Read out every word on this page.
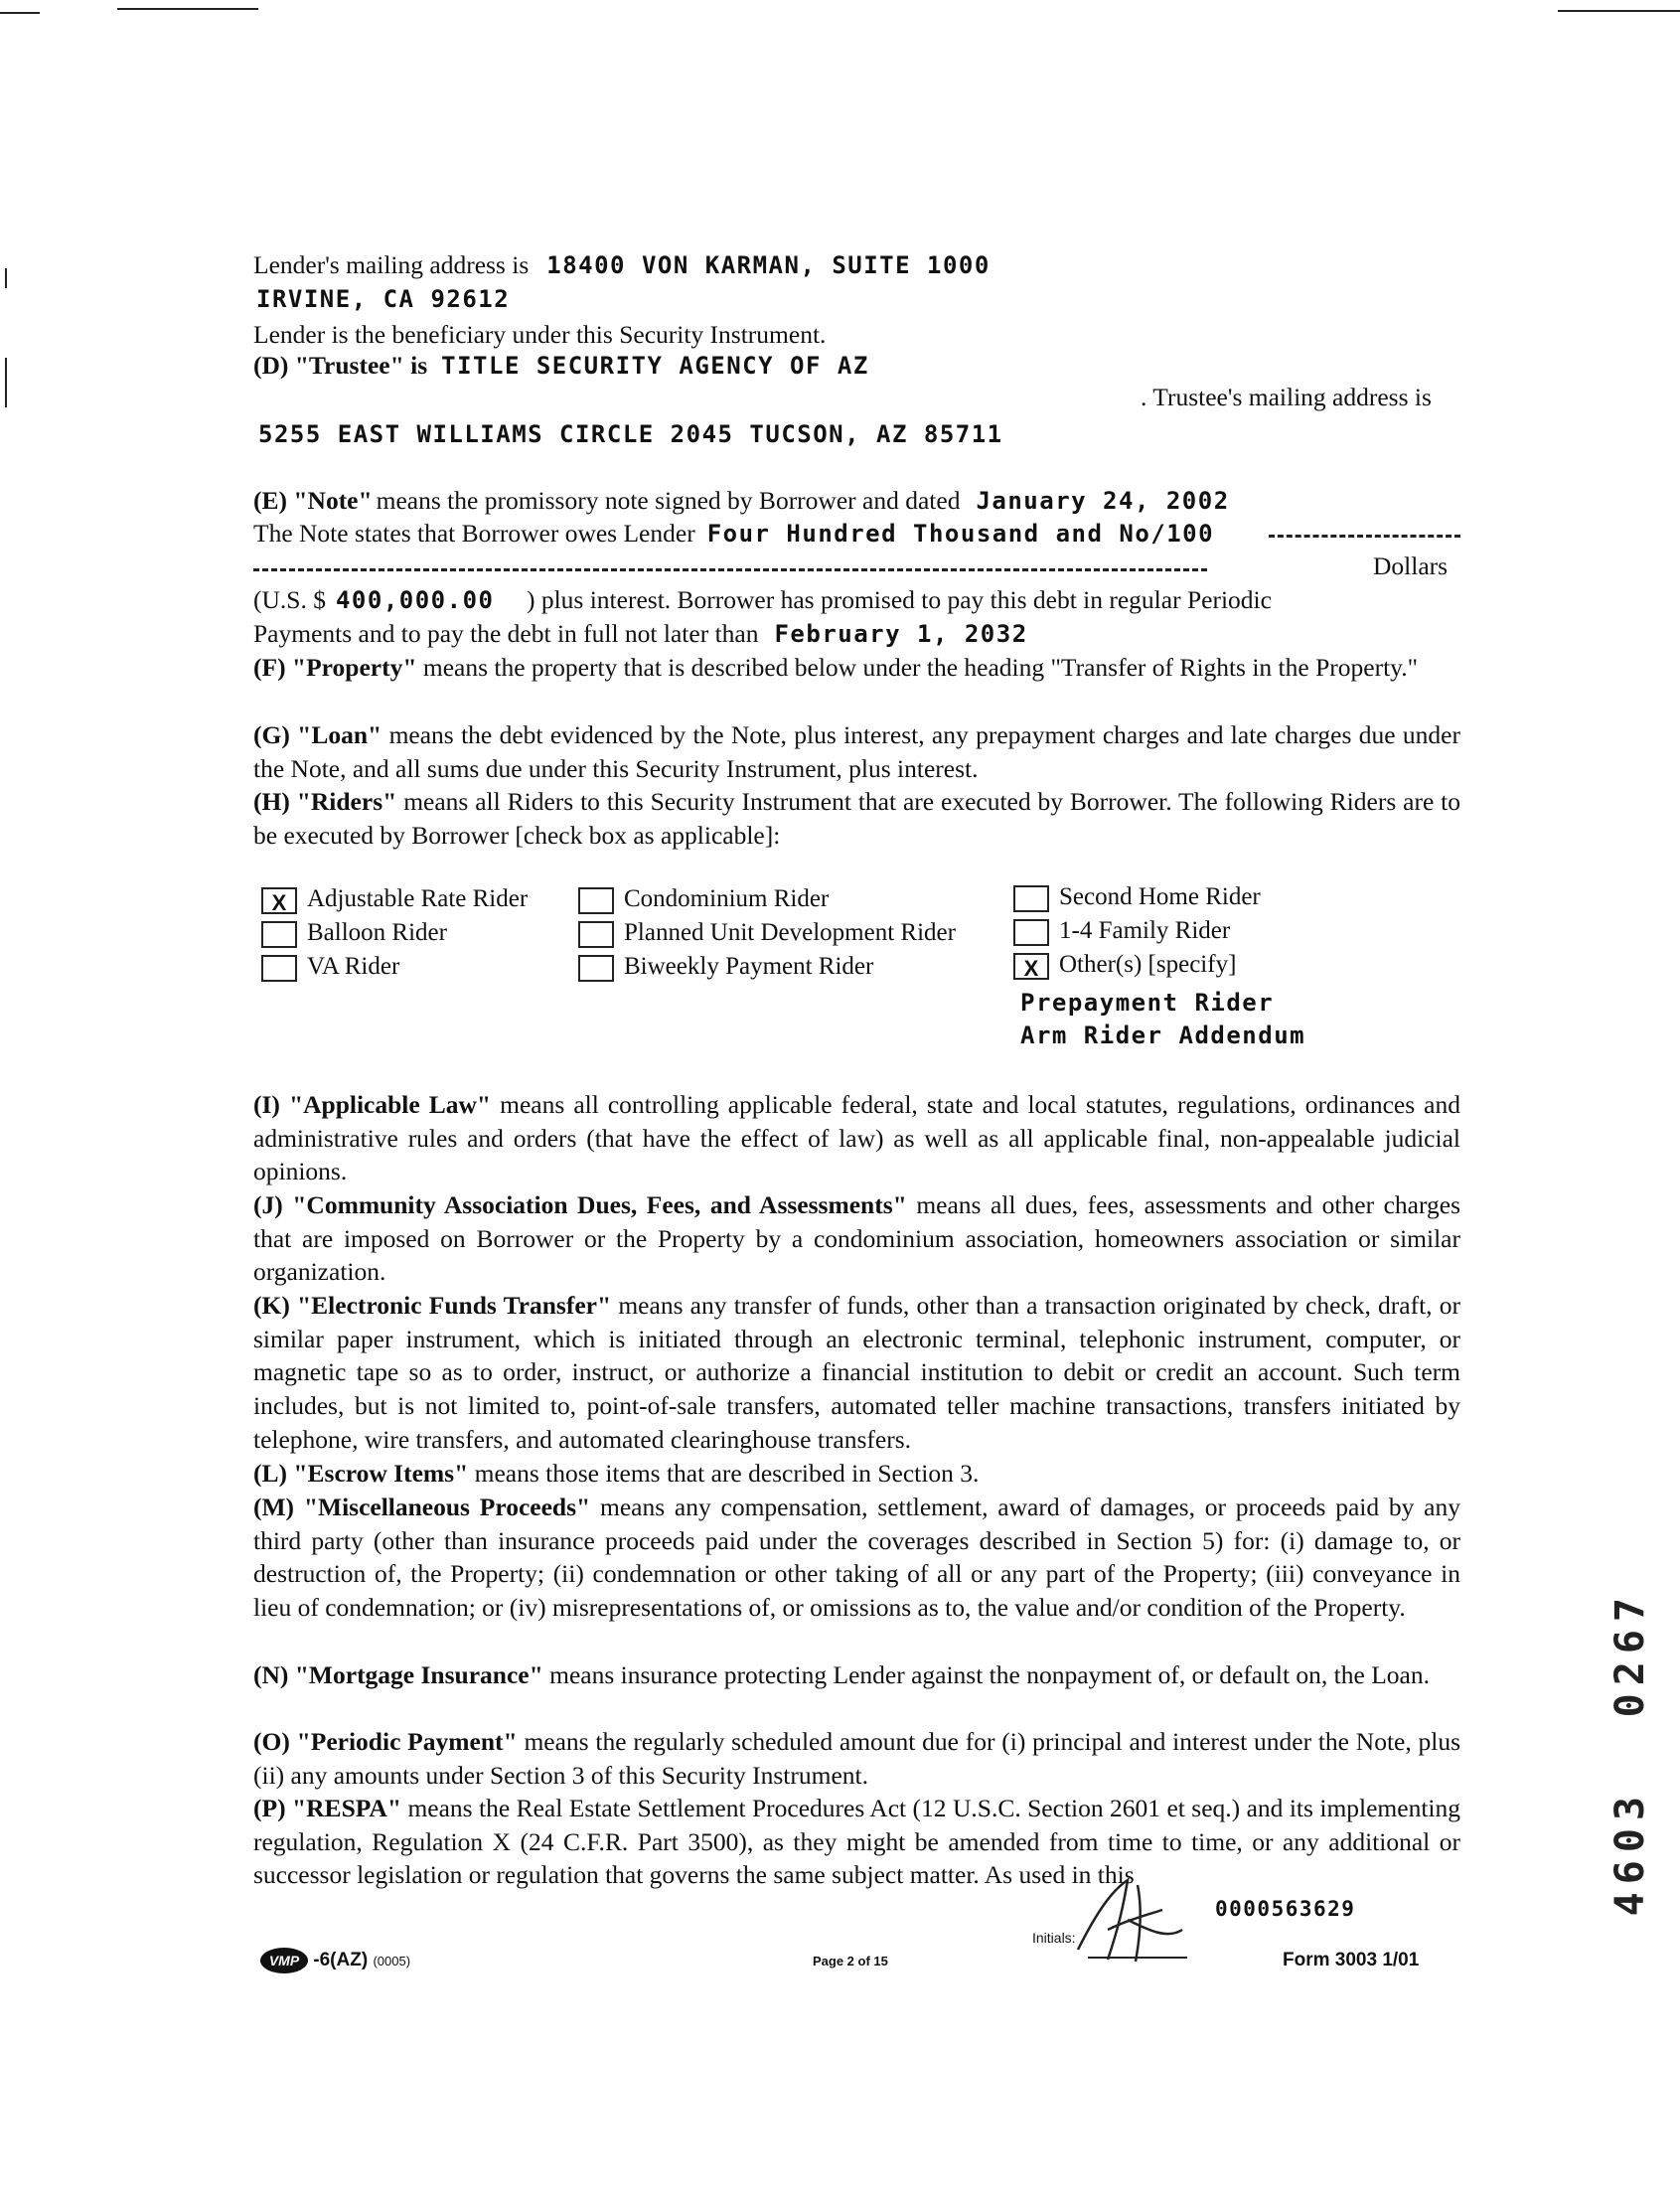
Lender's mailing address is 18400 VON KARMAN, SUITE 1000
IRVINE, CA 92612
Lender is the beneficiary under this Security Instrument.
(D) "Trustee" is TITLE SECURITY AGENCY OF AZ
. Trustee's mailing address is
5255 EAST WILLIAMS CIRCLE 2045 TUCSON, AZ 85711
(E) "Note" means the promissory note signed by Borrower and dated January 24, 2002
The Note states that Borrower owes Lender Four Hundred Thousand and No/100
Dollars
(U.S. $ 400,000.00 ) plus interest. Borrower has promised to pay this debt in regular Periodic
Payments and to pay the debt in full not later than February 1, 2032
(F) "Property" means the property that is described below under the heading "Transfer of Rights in the Property."
(G) "Loan" means the debt evidenced by the Note, plus interest, any prepayment charges and late charges due under the Note, and all sums due under this Security Instrument, plus interest.
(H) "Riders" means all Riders to this Security Instrument that are executed by Borrower. The following Riders are to be executed by Borrower [check box as applicable]:
X Adjustable Rate Rider
Balloon Rider
VA Rider
Condominium Rider
Planned Unit Development Rider
Biweekly Payment Rider
Second Home Rider
1-4 Family Rider
X Other(s) [specify]
Prepayment Rider
Arm Rider Addendum
(I) "Applicable Law" means all controlling applicable federal, state and local statutes, regulations, ordinances and administrative rules and orders (that have the effect of law) as well as all applicable final, non-appealable judicial opinions.
(J) "Community Association Dues, Fees, and Assessments" means all dues, fees, assessments and other charges that are imposed on Borrower or the Property by a condominium association, homeowners association or similar organization.
(K) "Electronic Funds Transfer" means any transfer of funds, other than a transaction originated by check, draft, or similar paper instrument, which is initiated through an electronic terminal, telephonic instrument, computer, or magnetic tape so as to order, instruct, or authorize a financial institution to debit or credit an account. Such term includes, but is not limited to, point-of-sale transfers, automated teller machine transactions, transfers initiated by telephone, wire transfers, and automated clearinghouse transfers.
(L) "Escrow Items" means those items that are described in Section 3.
(M) "Miscellaneous Proceeds" means any compensation, settlement, award of damages, or proceeds paid by any third party (other than insurance proceeds paid under the coverages described in Section 5) for: (i) damage to, or destruction of, the Property; (ii) condemnation or other taking of all or any part of the Property; (iii) conveyance in lieu of condemnation; or (iv) misrepresentations of, or omissions as to, the value and/or condition of the Property.
(N) "Mortgage Insurance" means insurance protecting Lender against the nonpayment of, or default on, the Loan.
(O) "Periodic Payment" means the regularly scheduled amount due for (i) principal and interest under the Note, plus (ii) any amounts under Section 3 of this Security Instrument.
(P) "RESPA" means the Real Estate Settlement Procedures Act (12 U.S.C. Section 2601 et seq.) and its implementing regulation, Regulation X (24 C.F.R. Part 3500), as they might be amended from time to time, or any additional or successor legislation or regulation that governs the same subject matter. As used in this
Initials:
0000563629
VMP -6(AZ) (0005)	Page 2 of 15	Form 3003 1/01
4603
0267
